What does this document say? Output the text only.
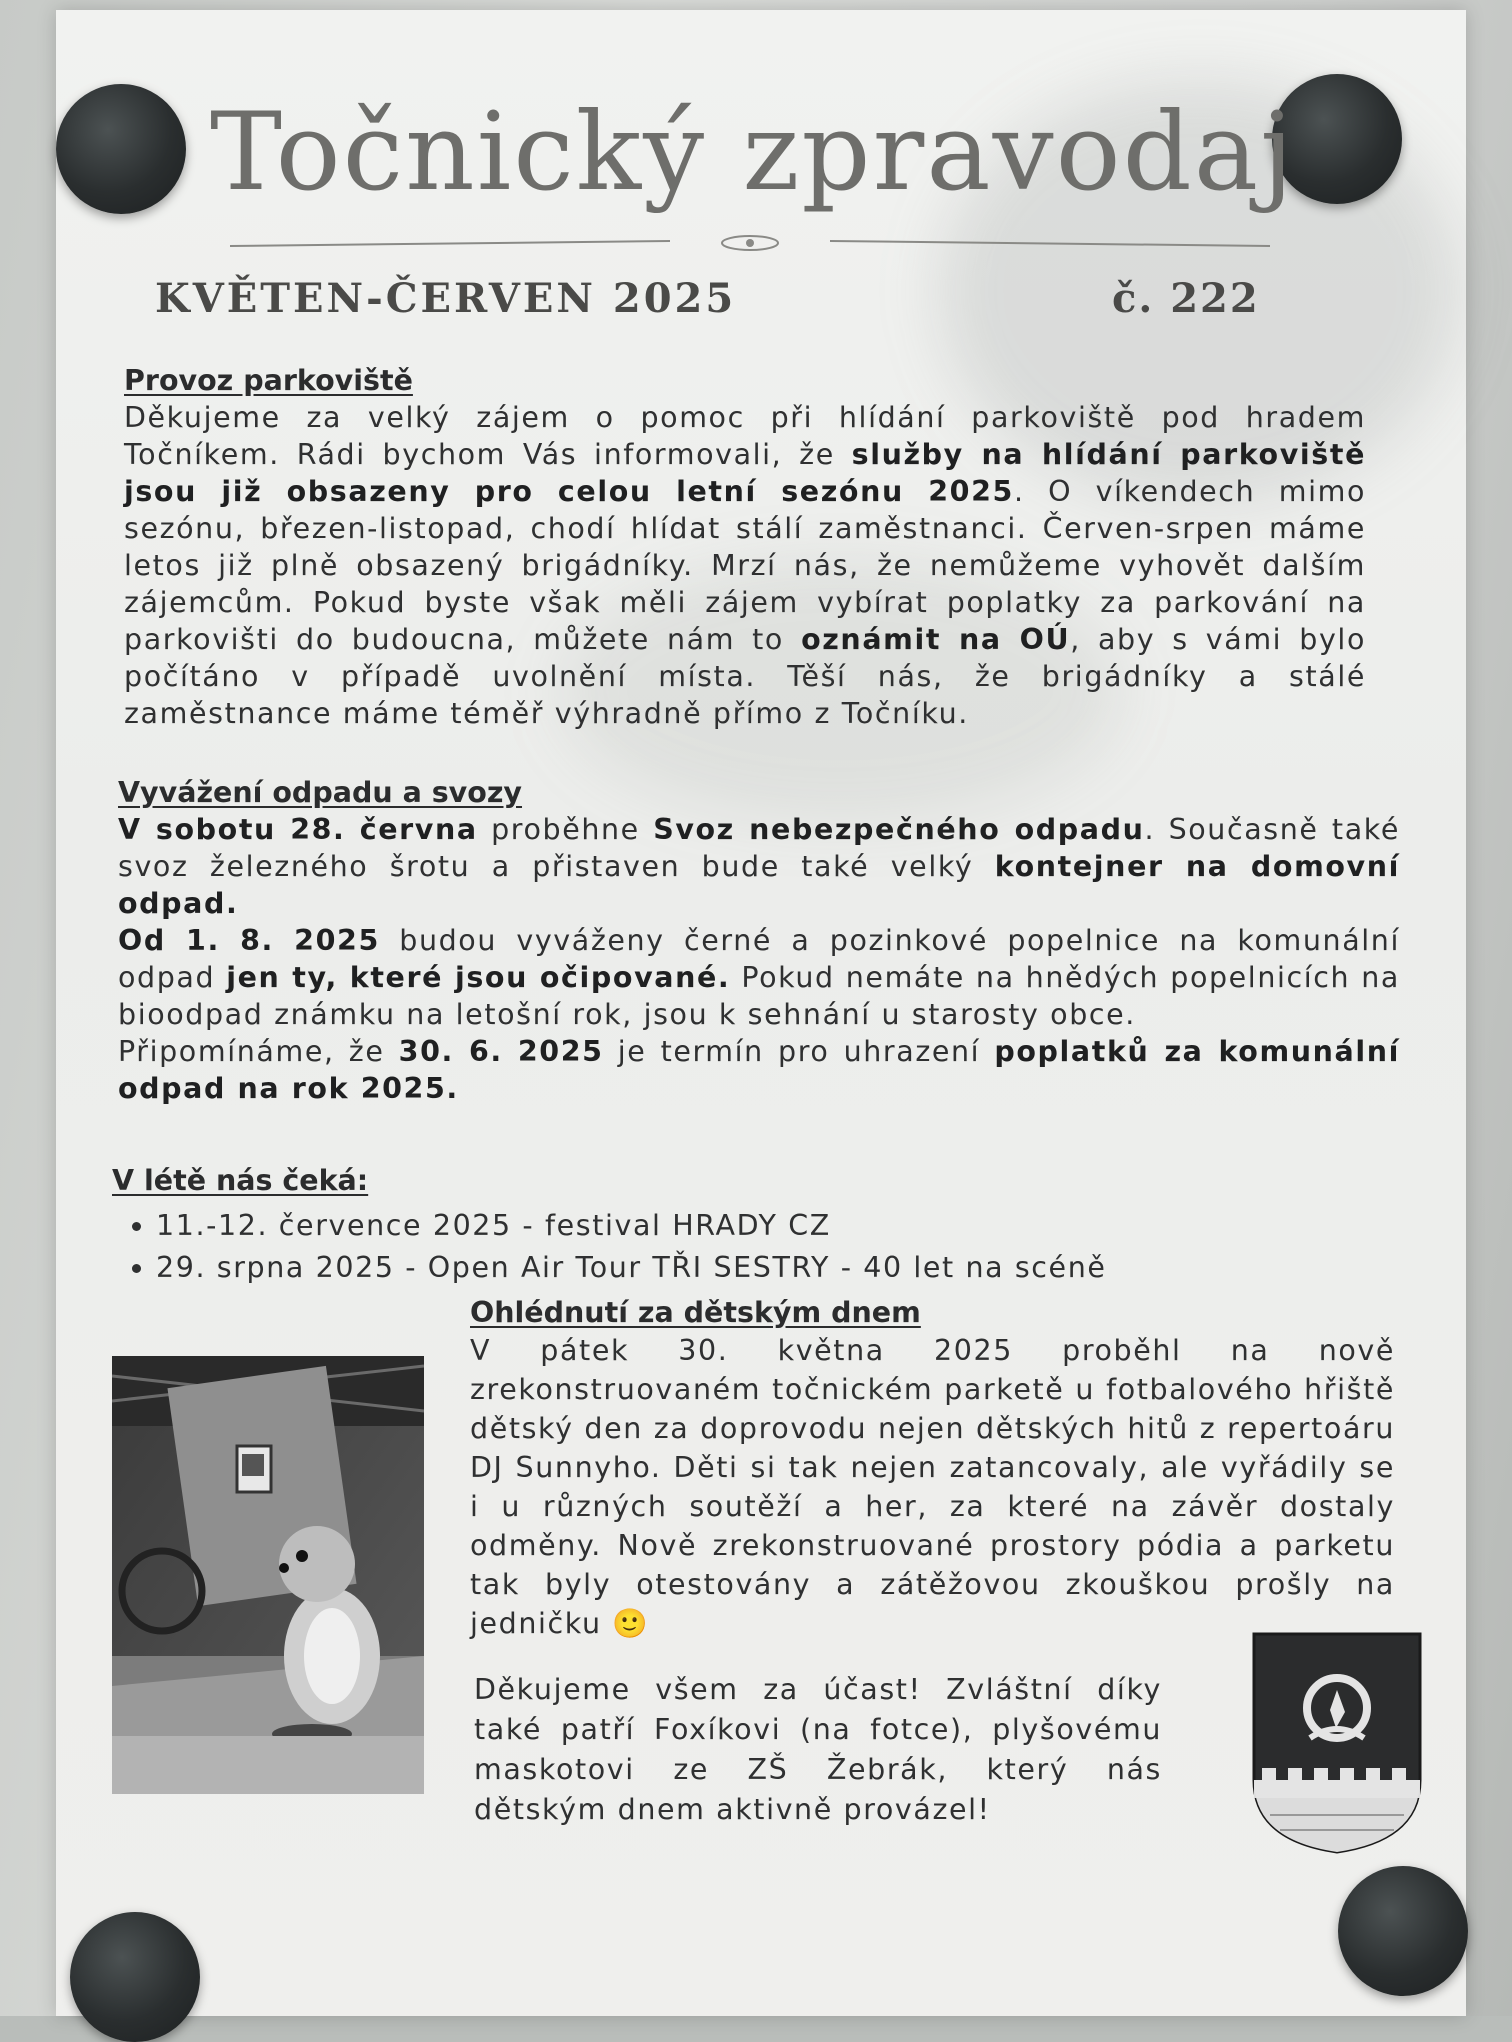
Točnický zpravodaj
KVĚTEN-ČERVEN 2025	č. 222
Provoz parkoviště

Děkujeme za velký zájem o pomoc při hlídání parkoviště pod hradem Točníkem. Rádi bychom Vás informovali, že služby na hlídání parkoviště jsou již obsazeny pro celou letní sezónu 2025. O víkendech mimo sezónu, březen-listopad, chodí hlídat stálí zaměstnanci. Červen-srpen máme letos již plně obsazený brigádníky. Mrzí nás, že nemůžeme vyhovět dalším zájemcům. Pokud byste však měli zájem vybírat poplatky za parkování na parkovišti do budoucna, můžete nám to oznámit na OÚ, aby s vámi bylo počítáno v případě uvolnění místa. Těší nás, že brigádníky a stálé zaměstnance máme téměř výhradně přímo z Točníku.

Vyvážení odpadu a svozy

V sobotu 28. června proběhne Svoz nebezpečného odpadu. Současně také svoz železného šrotu a přistaven bude také velký kontejner na domovní odpad.

Od 1. 8. 2025 budou vyváženy černé a pozinkové popelnice na komunální odpad jen ty, které jsou očipované. Pokud nemáte na hnědých popelnicích na bioodpad známku na letošní rok, jsou k sehnání u starosty obce.

Připomínáme, že 30. 6. 2025 je termín pro uhrazení poplatků za komunální odpad na rok 2025.

V létě nás čeká:
• 11.-12. července 2025 - festival HRADY CZ
• 29. srpna 2025 - Open Air Tour TŘI SESTRY - 40 let na scéně
Ohlédnutí za dětským dnem

V pátek 30. května 2025 proběhl na nově zrekonstruovaném točnickém parketě u fotbalového hřiště dětský den za doprovodu nejen dětských hitů z repertoáru DJ Sunnyho. Děti si tak nejen zatancovaly, ale vyřádily se i u různých soutěží a her, za které na závěr dostaly odměny. Nově zrekonstruované prostory pódia a parketu tak byly otestovány a zátěžovou zkouškou prošly na jedničku 🙂

Děkujeme všem za účast! Zvláštní díky také patří Foxíkovi (na fotce), plyšovému maskotovi ze ZŠ Žebrák, který nás dětským dnem aktivně provázel!
